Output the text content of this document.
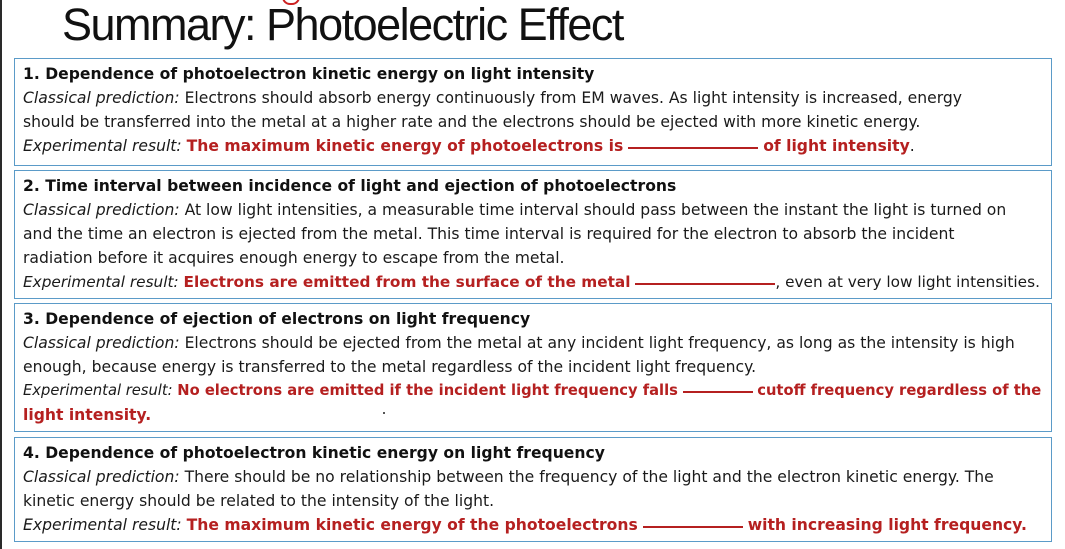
Summary: Photoelectric Effect
1. Dependence of photoelectron kinetic energy on light intensity
Classical prediction: Electrons should absorb energy continuously from EM waves. As light intensity is increased, energy
should be transferred into the metal at a higher rate and the electrons should be ejected with more kinetic energy.
Experimental result: The maximum kinetic energy of photoelectrons is	of light intensity.
2. Time interval between incidence of light and ejection of photoelectrons
Classical prediction: At low light intensities, a measurable time interval should pass between the instant the light is turned on
and the time an electron is ejected from the metal. This time interval is required for the electron to absorb the incident
radiation before it acquires enough energy to escape from the metal.
Experimental result: Electrons are emitted from the surface of the metal	, even at very low light intensities.
3. Dependence of ejection of electrons on light frequency
Classical prediction: Electrons should be ejected from the metal at any incident light frequency, as long as the intensity is high
enough, because energy is transferred to the metal regardless of the incident light frequency.
Experimental result: No electrons are emitted if the incident light frequency falls	cutoff frequency regardless of the
light intensity.
4. Dependence of photoelectron kinetic energy on light frequency
Classical prediction: There should be no relationship between the frequency of the light and the electron kinetic energy. The
kinetic energy should be related to the intensity of the light.
Experimental result: The maximum kinetic energy of the photoelectrons	with increasing light frequency.
